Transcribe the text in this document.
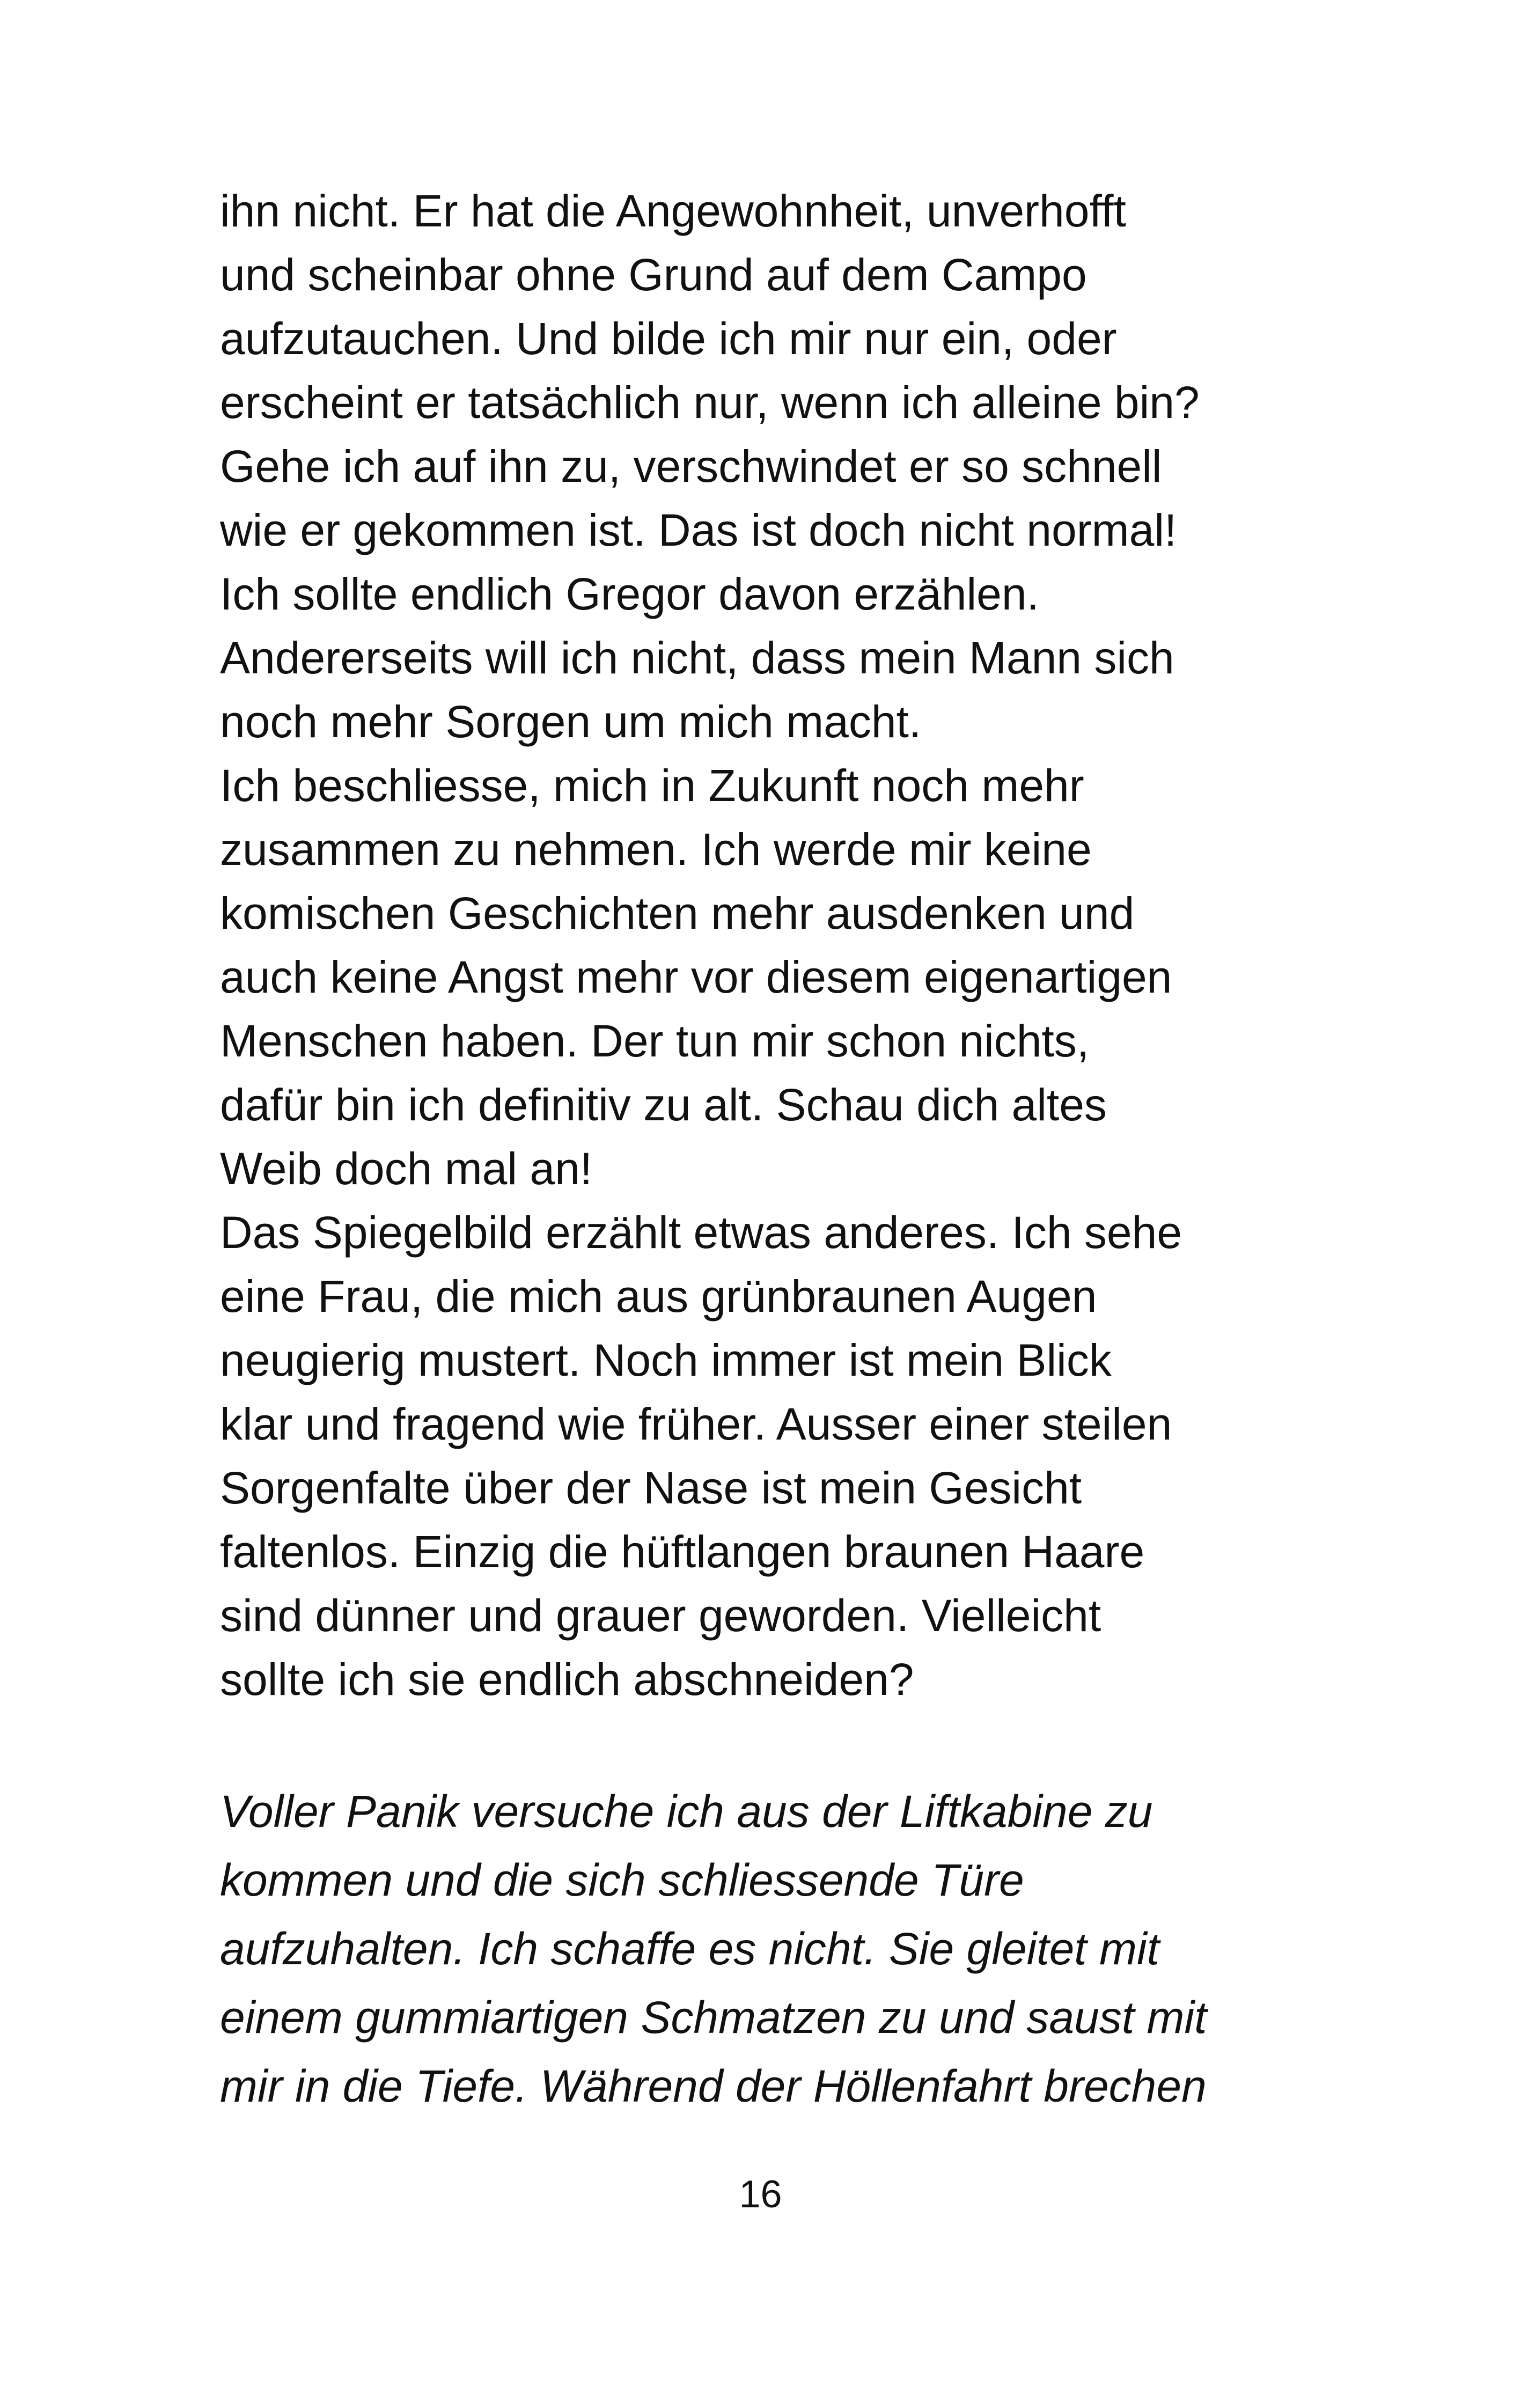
ihn nicht. Er hat die Angewohnheit, unverhofft
und scheinbar ohne Grund auf dem Campo
aufzutauchen. Und bilde ich mir nur ein, oder
erscheint er tatsächlich nur, wenn ich alleine bin?
Gehe ich auf ihn zu, verschwindet er so schnell
wie er gekommen ist. Das ist doch nicht normal!
Ich sollte endlich Gregor davon erzählen.
Andererseits will ich nicht, dass mein Mann sich
noch mehr Sorgen um mich macht.
Ich beschliesse, mich in Zukunft noch mehr
zusammen zu nehmen. Ich werde mir keine
komischen Geschichten mehr ausdenken und
auch keine Angst mehr vor diesem eigenartigen
Menschen haben. Der tun mir schon nichts,
dafür bin ich definitiv zu alt. Schau dich altes
Weib doch mal an!
Das Spiegelbild erzählt etwas anderes. Ich sehe
eine Frau, die mich aus grünbraunen Augen
neugierig mustert. Noch immer ist mein Blick
klar und fragend wie früher. Ausser einer steilen
Sorgenfalte über der Nase ist mein Gesicht
faltenlos. Einzig die hüftlangen braunen Haare
sind dünner und grauer geworden. Vielleicht
sollte ich sie endlich abschneiden?
Voller Panik versuche ich aus der Liftkabine zu
kommen und die sich schliessende Türe
aufzuhalten. Ich schaffe es nicht. Sie gleitet mit
einem gummiartigen Schmatzen zu und saust mit
mir in die Tiefe. Während der Höllenfahrt brechen
16
